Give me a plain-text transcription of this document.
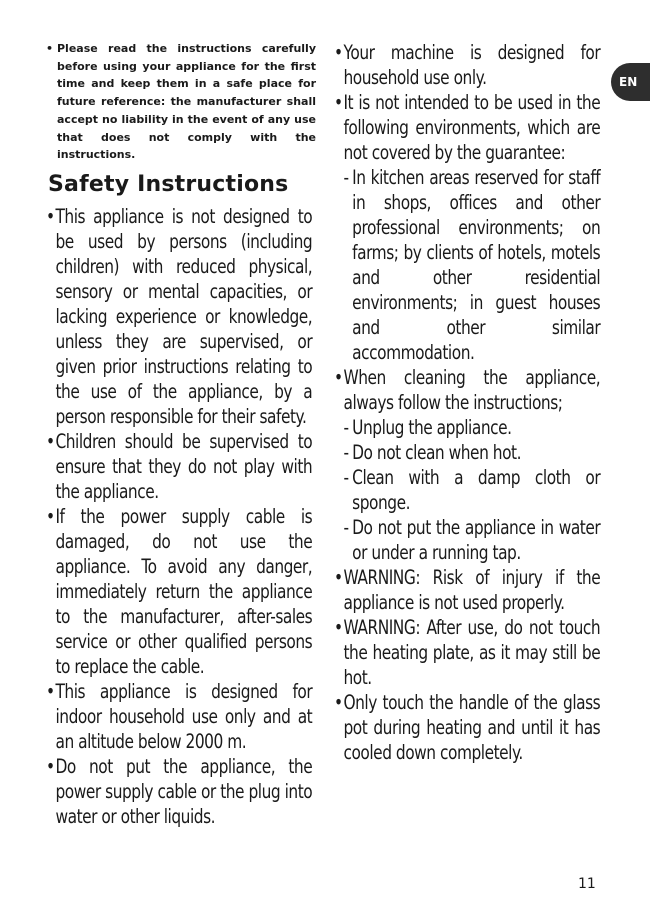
EN

• Please read the instructions carefully before using your appliance for the first time and keep them in a safe place for future reference: the manufacturer shall accept no liability in the event of any use that does not comply with the instructions.

Safety Instructions
• This appliance is not designed to be used by persons (including children) with reduced physical, sensory or mental capacities, or lacking experience or knowledge, unless they are supervised, or given prior instructions relating to the use of the appliance, by a person responsible for their safety.
• Children should be supervised to ensure that they do not play with the appliance.
• If the power supply cable is damaged, do not use the appliance. To avoid any danger, immediately return the appliance to the manufacturer, after-sales service or other qualified persons to replace the cable.
• This appliance is designed for indoor household use only and at an altitude below 2000 m.
• Do not put the appliance, the power supply cable or the plug into water or other liquids.
• Your machine is designed for household use only.
• It is not intended to be used in the following environments, which are not covered by the guarantee:
- In kitchen areas reserved for staff in shops, offices and other professional environments; on farms; by clients of hotels, motels and other residential environments; in guest houses and other similar accommodation.
• When cleaning the appliance, always follow the instructions;
- Unplug the appliance.
- Do not clean when hot.
- Clean with a damp cloth or sponge.
- Do not put the appliance in water or under a running tap.
• WARNING: Risk of injury if the appliance is not used properly.
• WARNING: After use, do not touch the heating plate, as it may still be hot.
• Only touch the handle of the glass pot during heating and until it has cooled down completely.
11
